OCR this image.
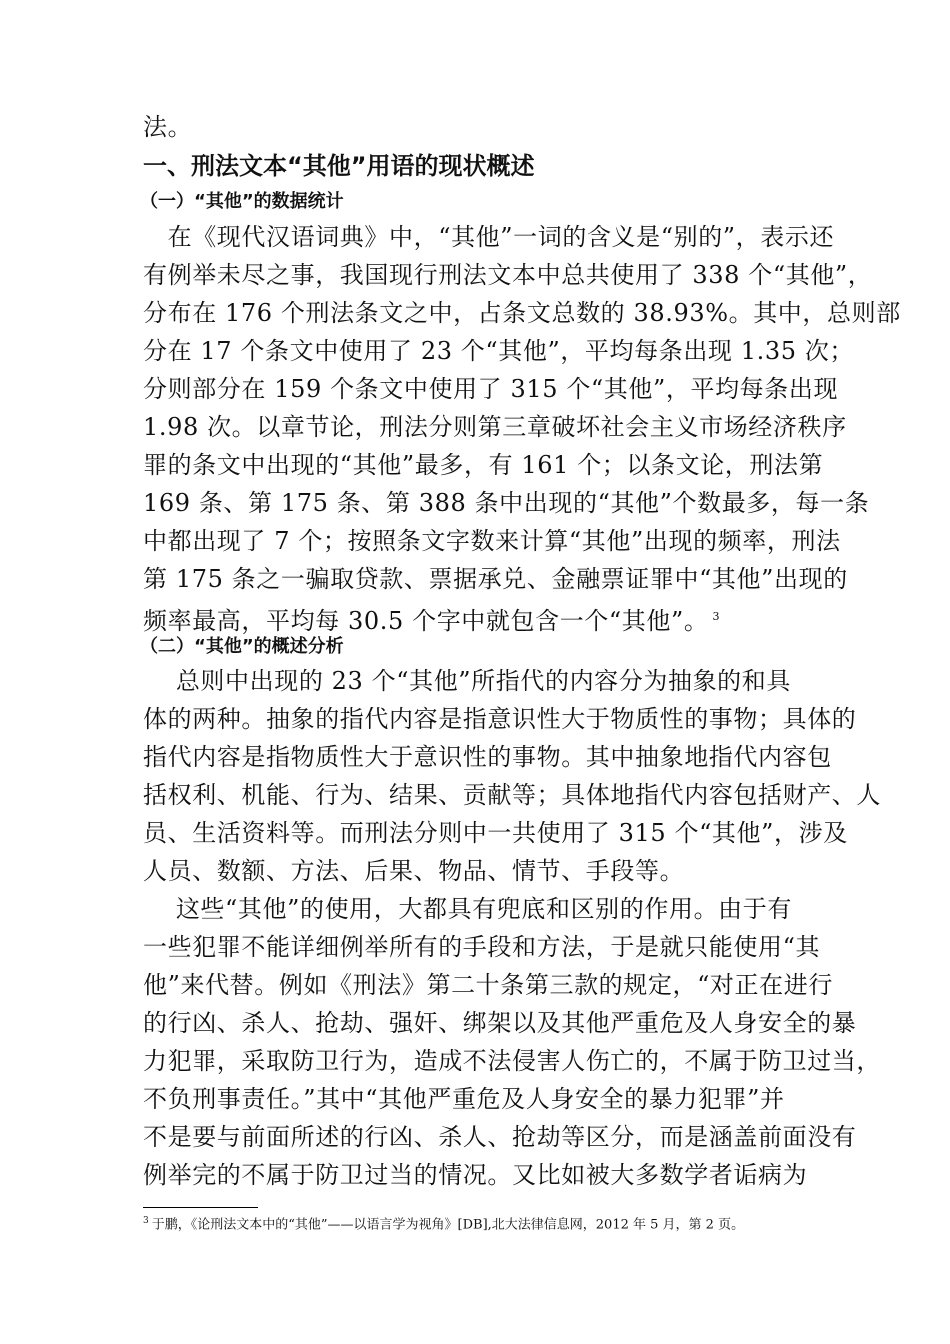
法。
一、刑法文本“其他”用语的现状概述
（一）“其他”的数据统计
　在《现代汉语词典》中，“其他”一词的含义是“别的”，表示还
有例举未尽之事，我国现行刑法文本中总共使用了 338 个“其他”，
分布在 176 个刑法条文之中，占条文总数的 38.93%。其中，总则部
分在 17 个条文中使用了 23 个“其他”，平均每条出现 1.35 次；
分则部分在 159 个条文中使用了 315 个“其他”，平均每条出现
1.98 次。以章节论，刑法分则第三章破坏社会主义市场经济秩序
罪的条文中出现的“其他”最多，有 161 个；以条文论，刑法第
169 条、第 175 条、第 388 条中出现的“其他”个数最多，每一条
中都出现了 7 个；按照条文字数来计算“其他”出现的频率，刑法
第 175 条之一骗取贷款、票据承兑、金融票证罪中“其他”出现的
频率最高，平均每 30.5 个字中就包含一个“其他”。 $^3$
（二）“其他”的概述分析
　 总则中出现的 23 个“其他”所指代的内容分为抽象的和具
体的两种。抽象的指代内容是指意识性大于物质性的事物；具体的
指代内容是指物质性大于意识性的事物。其中抽象地指代内容包
括权利、机能、行为、结果、贡献等；具体地指代内容包括财产、人
员、生活资料等。而刑法分则中一共使用了 315 个“其他”，涉及
人员、数额、方法、后果、物品、情节、手段等。
　 这些“其他”的使用，大都具有兜底和区别的作用。由于有
一些犯罪不能详细例举所有的手段和方法，于是就只能使用“其
他”来代替。例如《刑法》第二十条第三款的规定，“对正在进行
的行凶、杀人、抢劫、强奸、绑架以及其他严重危及人身安全的暴
力犯罪，采取防卫行为，造成不法侵害人伤亡的，不属于防卫过当，
不负刑事责任。”其中“其他严重危及人身安全的暴力犯罪”并
不是要与前面所述的行凶、杀人、抢劫等区分，而是涵盖前面没有
例举完的不属于防卫过当的情况。又比如被大多数学者诟病为
$^3$ 于鹏，《论刑法文本中的“其他”——以语言学为视角》[DB],北大法律信息网，2012 年 5 月，第 2 页。
